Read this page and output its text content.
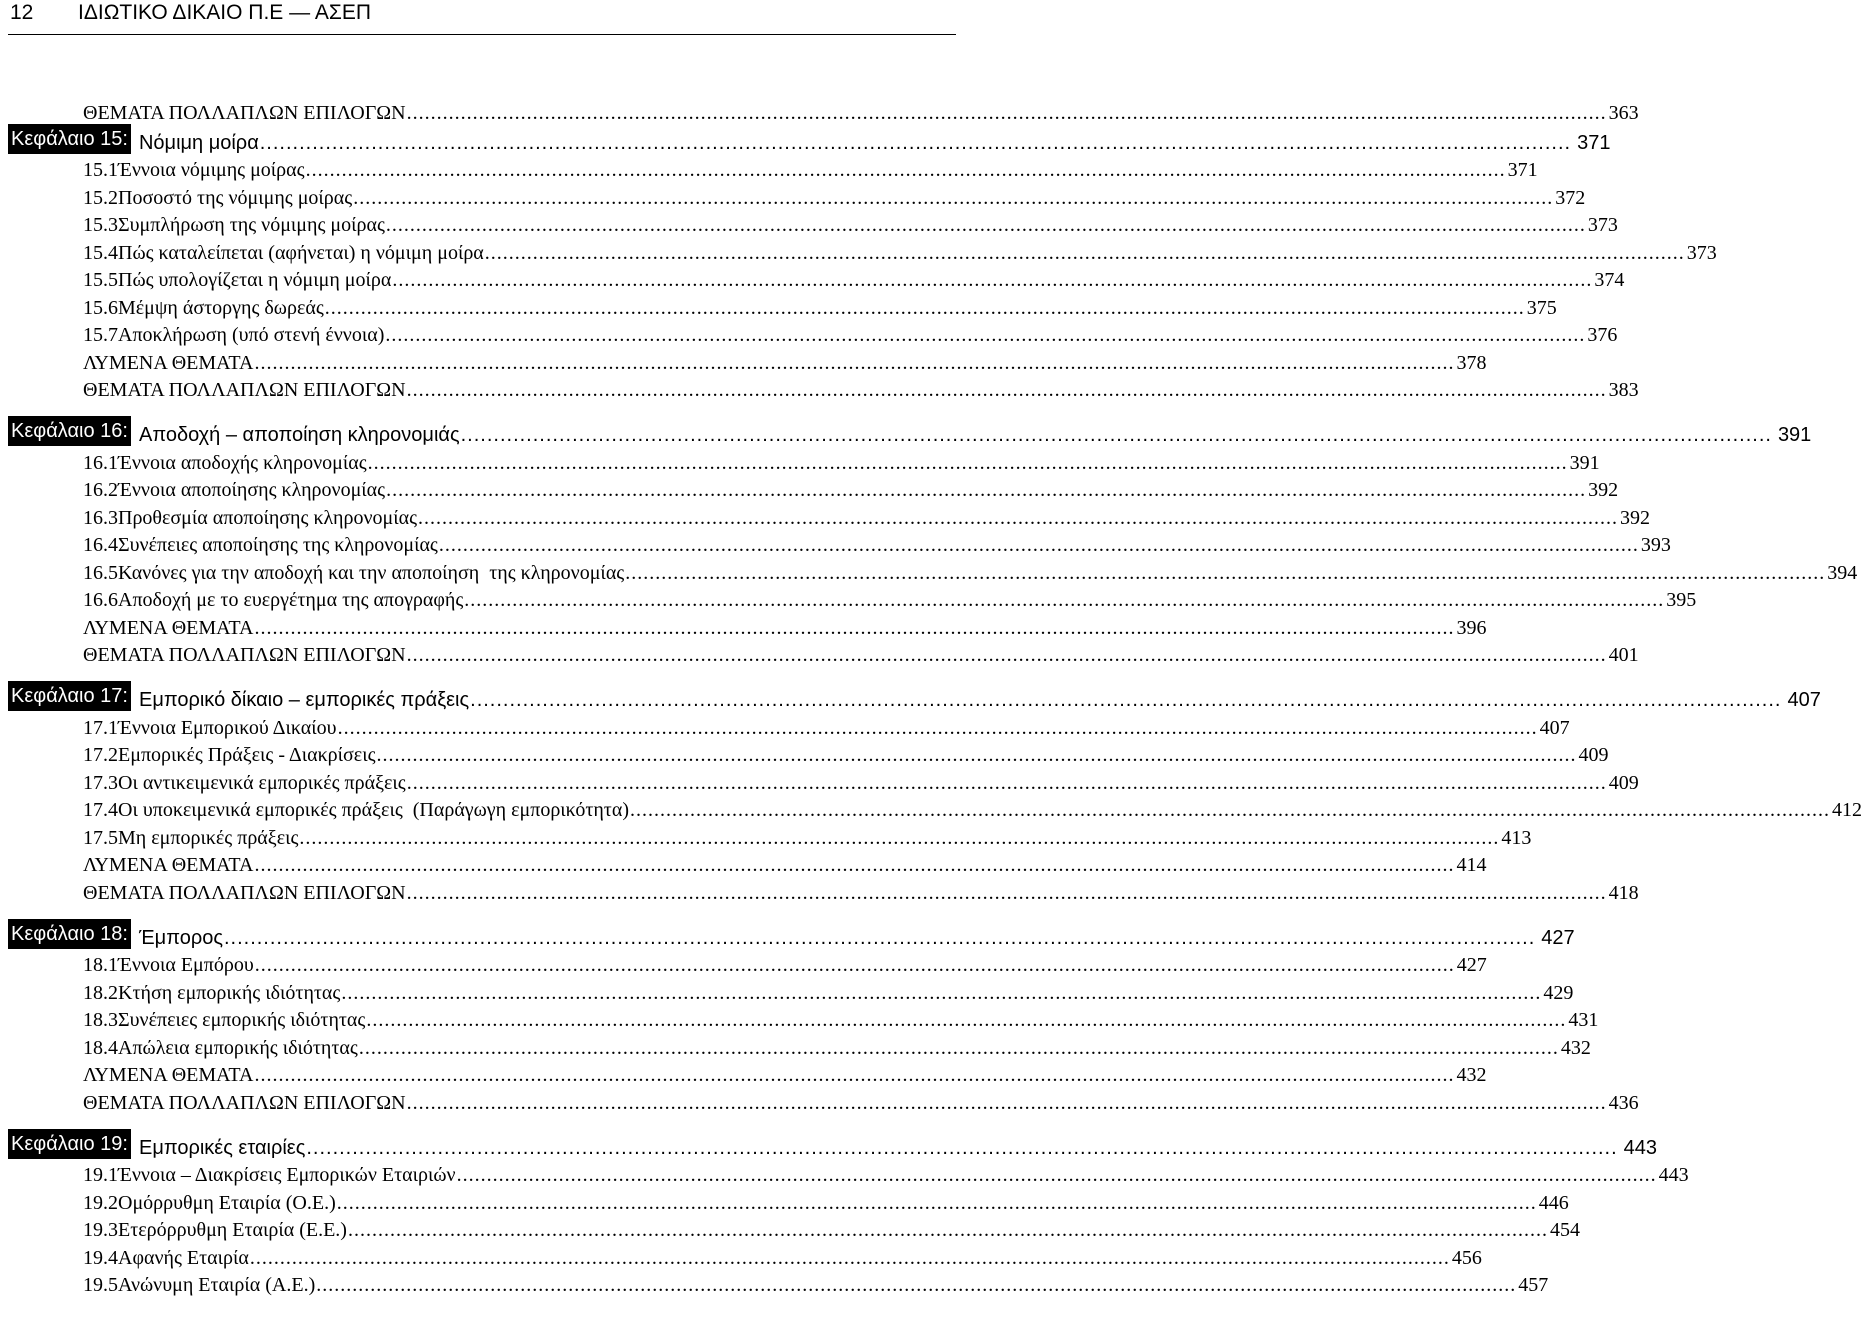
12 ΙΔΙΩΤΙΚΟ ΔΙΚΑΙΟ Π.Ε — ΑΣΕΠ
ΘΕΜΑΤΑ ΠΟΛΛΑΠΛΩΝ ΕΠΙΛΟΓΩΝ ........................................................................................................................................................................................................ 363
Κεφάλαιο 15: Νόμιμη μοίρα ........................................................................................................................................................................................................ 371
15.1 Έννοια νόμιμης μοίρας ........................................................................................................................................................................................................ 371
15.2 Ποσοστό της νόμιμης μοίρας ........................................................................................................................................................................................................ 372
15.3 Συμπλήρωση της νόμιμης μοίρας ........................................................................................................................................................................................................ 373
15.4 Πώς καταλείπεται (αφήνεται) η νόμιμη μοίρα ........................................................................................................................................................................................................ 373
15.5 Πώς υπολογίζεται η νόμιμη μοίρα ........................................................................................................................................................................................................ 374
15.6 Μέμψη άστοργης δωρεάς ........................................................................................................................................................................................................ 375
15.7 Αποκλήρωση (υπό στενή έννοια) ........................................................................................................................................................................................................ 376
ΛΥΜΕΝΑ ΘΕΜΑΤΑ ........................................................................................................................................................................................................ 378
ΘΕΜΑΤΑ ΠΟΛΛΑΠΛΩΝ ΕΠΙΛΟΓΩΝ ........................................................................................................................................................................................................ 383
Κεφάλαιο 16: Αποδοχή – αποποίηση κληρονομιάς ........................................................................................................................................................................................................ 391
16.1 Έννοια αποδοχής κληρονομίας ........................................................................................................................................................................................................ 391
16.2 Έννοια αποποίησης κληρονομίας ........................................................................................................................................................................................................ 392
16.3 Προθεσμία αποποίησης κληρονομίας ........................................................................................................................................................................................................ 392
16.4 Συνέπειες αποποίησης της κληρονομίας ........................................................................................................................................................................................................ 393
16.5 Κανόνες για την αποδοχή και την αποποίηση  της κληρονομίας ........................................................................................................................................................................................................ 394
16.6 Αποδοχή με το ευεργέτημα της απογραφής ........................................................................................................................................................................................................ 395
ΛΥΜΕΝΑ ΘΕΜΑΤΑ ........................................................................................................................................................................................................ 396
ΘΕΜΑΤΑ ΠΟΛΛΑΠΛΩΝ ΕΠΙΛΟΓΩΝ ........................................................................................................................................................................................................ 401
Κεφάλαιο 17: Εμπορικό δίκαιο – εμπορικές πράξεις ........................................................................................................................................................................................................ 407
17.1 Έννοια Εμπορικού Δικαίου ........................................................................................................................................................................................................ 407
17.2 Εμπορικές Πράξεις - Διακρίσεις ........................................................................................................................................................................................................ 409
17.3 Οι αντικειμενικά εμπορικές πράξεις ........................................................................................................................................................................................................ 409
17.4 Οι υποκειμενικά εμπορικές πράξεις  (Παράγωγη εμπορικότητα) ........................................................................................................................................................................................................ 412
17.5 Μη εμπορικές πράξεις ........................................................................................................................................................................................................ 413
ΛΥΜΕΝΑ ΘΕΜΑΤΑ ........................................................................................................................................................................................................ 414
ΘΕΜΑΤΑ ΠΟΛΛΑΠΛΩΝ ΕΠΙΛΟΓΩΝ ........................................................................................................................................................................................................ 418
Κεφάλαιο 18: Έμπορος ........................................................................................................................................................................................................ 427
18.1 Έννοια Εμπόρου ........................................................................................................................................................................................................ 427
18.2 Κτήση εμπορικής ιδιότητας ........................................................................................................................................................................................................ 429
18.3 Συνέπειες εμπορικής ιδιότητας ........................................................................................................................................................................................................ 431
18.4 Απώλεια εμπορικής ιδιότητας ........................................................................................................................................................................................................ 432
ΛΥΜΕΝΑ ΘΕΜΑΤΑ ........................................................................................................................................................................................................ 432
ΘΕΜΑΤΑ ΠΟΛΛΑΠΛΩΝ ΕΠΙΛΟΓΩΝ ........................................................................................................................................................................................................ 436
Κεφάλαιο 19: Εμπορικές εταιρίες ........................................................................................................................................................................................................ 443
19.1 Έννοια – Διακρίσεις Εμπορικών Εταιριών ........................................................................................................................................................................................................ 443
19.2 Ομόρρυθμη Εταιρία (Ο.Ε.) ........................................................................................................................................................................................................ 446
19.3 Ετερόρρυθμη Εταιρία (Ε.Ε.) ........................................................................................................................................................................................................ 454
19.4 Αφανής Εταιρία ........................................................................................................................................................................................................ 456
19.5 Ανώνυμη Εταιρία (Α.Ε.) ........................................................................................................................................................................................................ 457
